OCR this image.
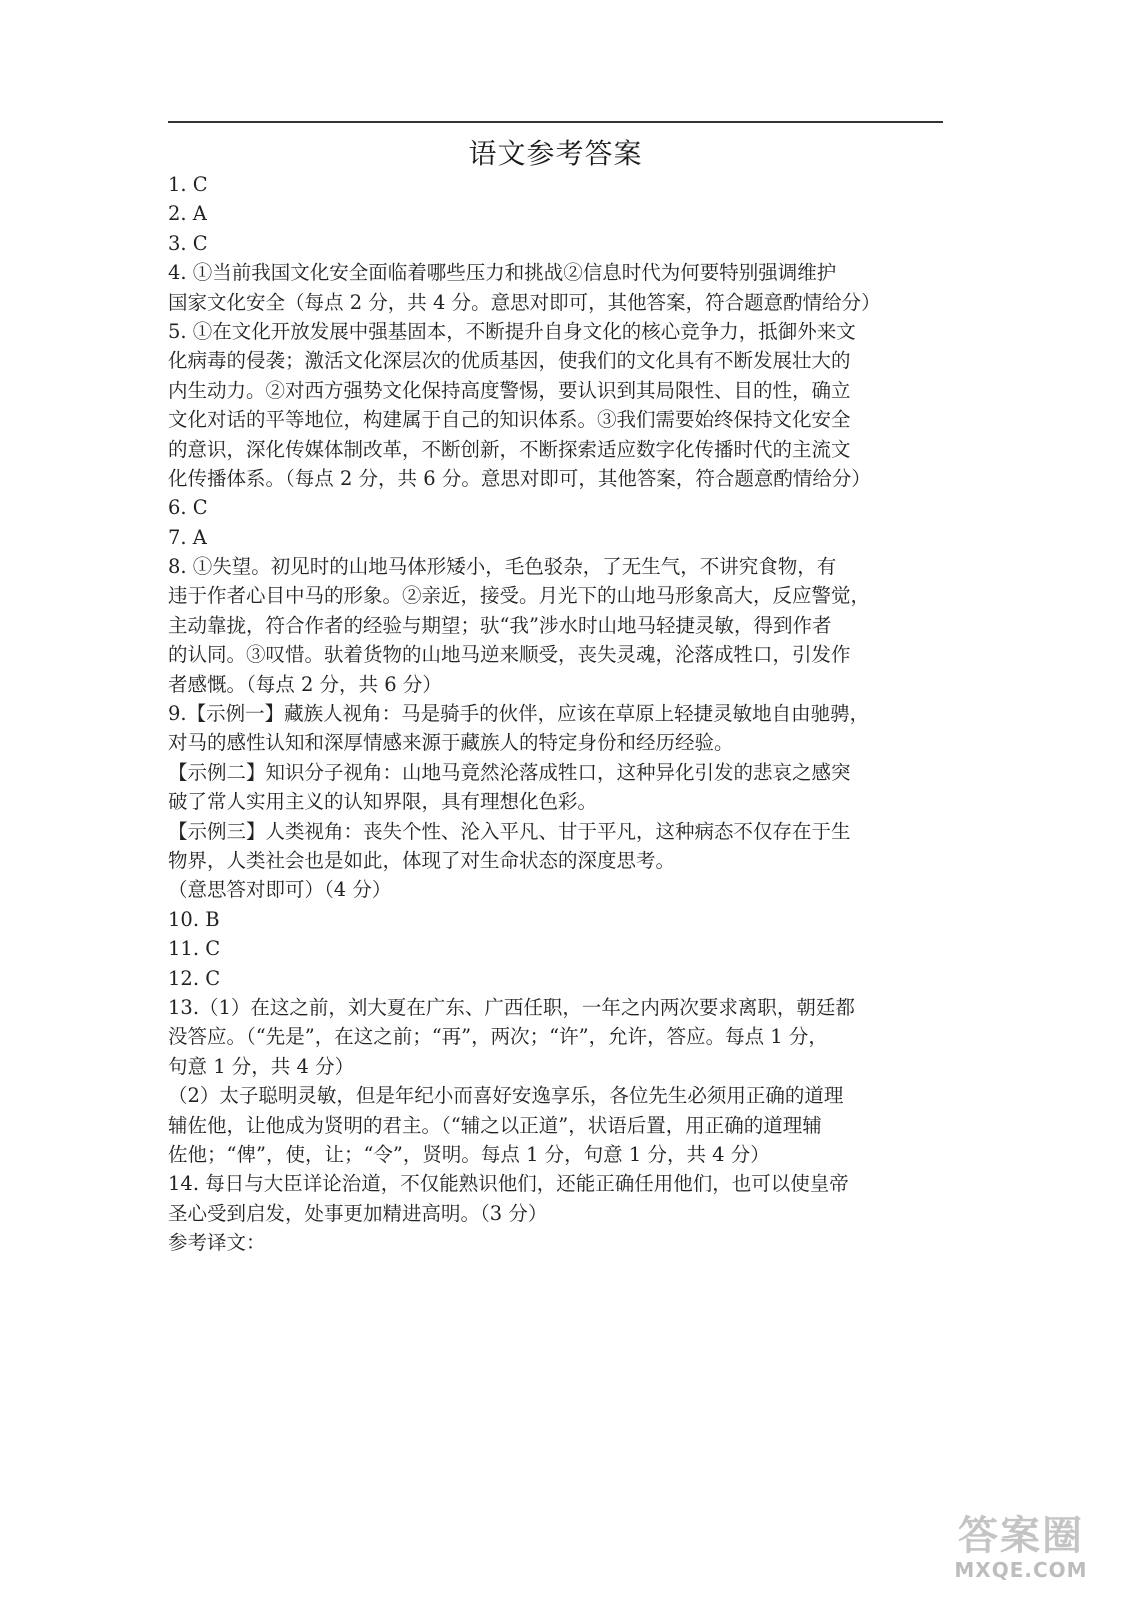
语文参考答案
1. C
2. A
3. C
4. ①当前我国文化安全面临着哪些压力和挑战②信息时代为何要特别强调维护
国家文化安全（每点 2 分，共 4 分。意思对即可，其他答案，符合题意酌情给分）
5. ①在文化开放发展中强基固本，不断提升自身文化的核心竞争力，抵御外来文
化病毒的侵袭；激活文化深层次的优质基因，使我们的文化具有不断发展壮大的
内生动力。②对西方强势文化保持高度警惕，要认识到其局限性、目的性，确立
文化对话的平等地位，构建属于自己的知识体系。③我们需要始终保持文化安全
的意识，深化传媒体制改革，不断创新，不断探索适应数字化传播时代的主流文
化传播体系。（每点 2 分，共 6 分。意思对即可，其他答案，符合题意酌情给分）
6. C
7. A
8. ①失望。初见时的山地马体形矮小，毛色驳杂，了无生气，不讲究食物，有
违于作者心目中马的形象。②亲近，接受。月光下的山地马形象高大，反应警觉，
主动靠拢，符合作者的经验与期望；驮“我”涉水时山地马轻捷灵敏，得到作者
的认同。③叹惜。驮着货物的山地马逆来顺受，丧失灵魂，沦落成牲口，引发作
者感慨。（每点 2 分，共 6 分）
9.【示例一】藏族人视角：马是骑手的伙伴，应该在草原上轻捷灵敏地自由驰骋，
对马的感性认知和深厚情感来源于藏族人的特定身份和经历经验。
【示例二】知识分子视角：山地马竟然沦落成牲口，这种异化引发的悲哀之感突
破了常人实用主义的认知界限，具有理想化色彩。
【示例三】人类视角：丧失个性、沦入平凡、甘于平凡，这种病态不仅存在于生
物界，人类社会也是如此，体现了对生命状态的深度思考。
（意思答对即可）（4 分）
10. B
11. C
12. C
13.（1）在这之前，刘大夏在广东、广西任职，一年之内两次要求离职，朝廷都
没答应。（“先是”，在这之前；“再”，两次；“许”，允许，答应。每点 1 分，
句意 1 分，共 4 分）
（2）太子聪明灵敏，但是年纪小而喜好安逸享乐，各位先生必须用正确的道理
辅佐他，让他成为贤明的君主。（“辅之以正道”，状语后置，用正确的道理辅
佐他；“俾”，使，让；“令”，贤明。每点 1 分，句意 1 分，共 4 分）
14. 每日与大臣详论治道，不仅能熟识他们，还能正确任用他们，也可以使皇帝
圣心受到启发，处事更加精进高明。（3 分）
参考译文：
答案圈
MXQE.COM
